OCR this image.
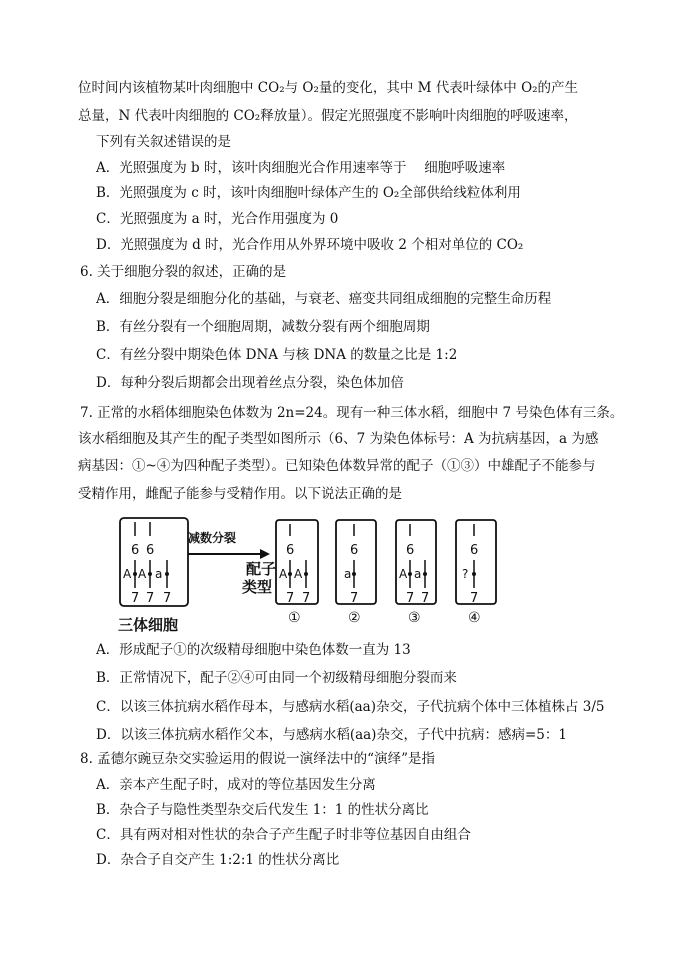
位时间内该植物某叶肉细胞中 CO₂与 O₂量的变化，其中 M 代表叶绿体中 O₂的产生
总量，N 代表叶肉细胞的 CO₂释放量）。假定光照强度不影响叶肉细胞的呼吸速率，
下列有关叙述错误的是
A．光照强度为 b 时，该叶肉细胞光合作用速率等于　 细胞呼吸速率
B．光照强度为 c 时，该叶肉细胞叶绿体产生的 O₂全部供给线粒体利用
C．光照强度为 a 时，光合作用强度为 0
D．光照强度为 d 时，光合作用从外界环境中吸收 2 个相对单位的 CO₂
6. 关于细胞分裂的叙述，正确的是
A．细胞分裂是细胞分化的基础，与衰老、癌变共同组成细胞的完整生命历程
B．有丝分裂有一个细胞周期，减数分裂有两个细胞周期
C．有丝分裂中期染色体 DNA 与核 DNA 的数量之比是 1:2
D．每种分裂后期都会出现着丝点分裂，染色体加倍
7. 正常的水稻体细胞染色体数为 2n=24。现有一种三体水稻，细胞中 7 号染色体有三条。
该水稻细胞及其产生的配子类型如图所示（6、7 为染色体标号：A 为抗病基因，a 为感
病基因：①~④为四种配子类型）。已知染色体数异常的配子（①③）中雄配子不能参与
受精作用，雌配子能参与受精作用。以下说法正确的是
6 6
A A a
7 7 7
三体细胞
减数分裂
配子
类型
6
A A
7 7
①
6
a
7
②
6
A a
7 7
③
6
?
7
④
A．形成配子①的次级精母细胞中染色体数一直为 13
B．正常情况下，配子②④可由同一个初级精母细胞分裂而来
C．以该三体抗病水稻作母本，与感病水稻(aa)杂交，子代抗病个体中三体植株占 3/5
D．以该三体抗病水稻作父本，与感病水稻(aa)杂交，子代中抗病：感病=5：1
8. 孟德尔豌豆杂交实验运用的假说一演绎法中的“演绎”是指
A．亲本产生配子时，成对的等位基因发生分离
B．杂合子与隐性类型杂交后代发生 1：1 的性状分离比
C．具有两对相对性状的杂合子产生配子时非等位基因自由组合
D．杂合子自交产生 1:2:1 的性状分离比
